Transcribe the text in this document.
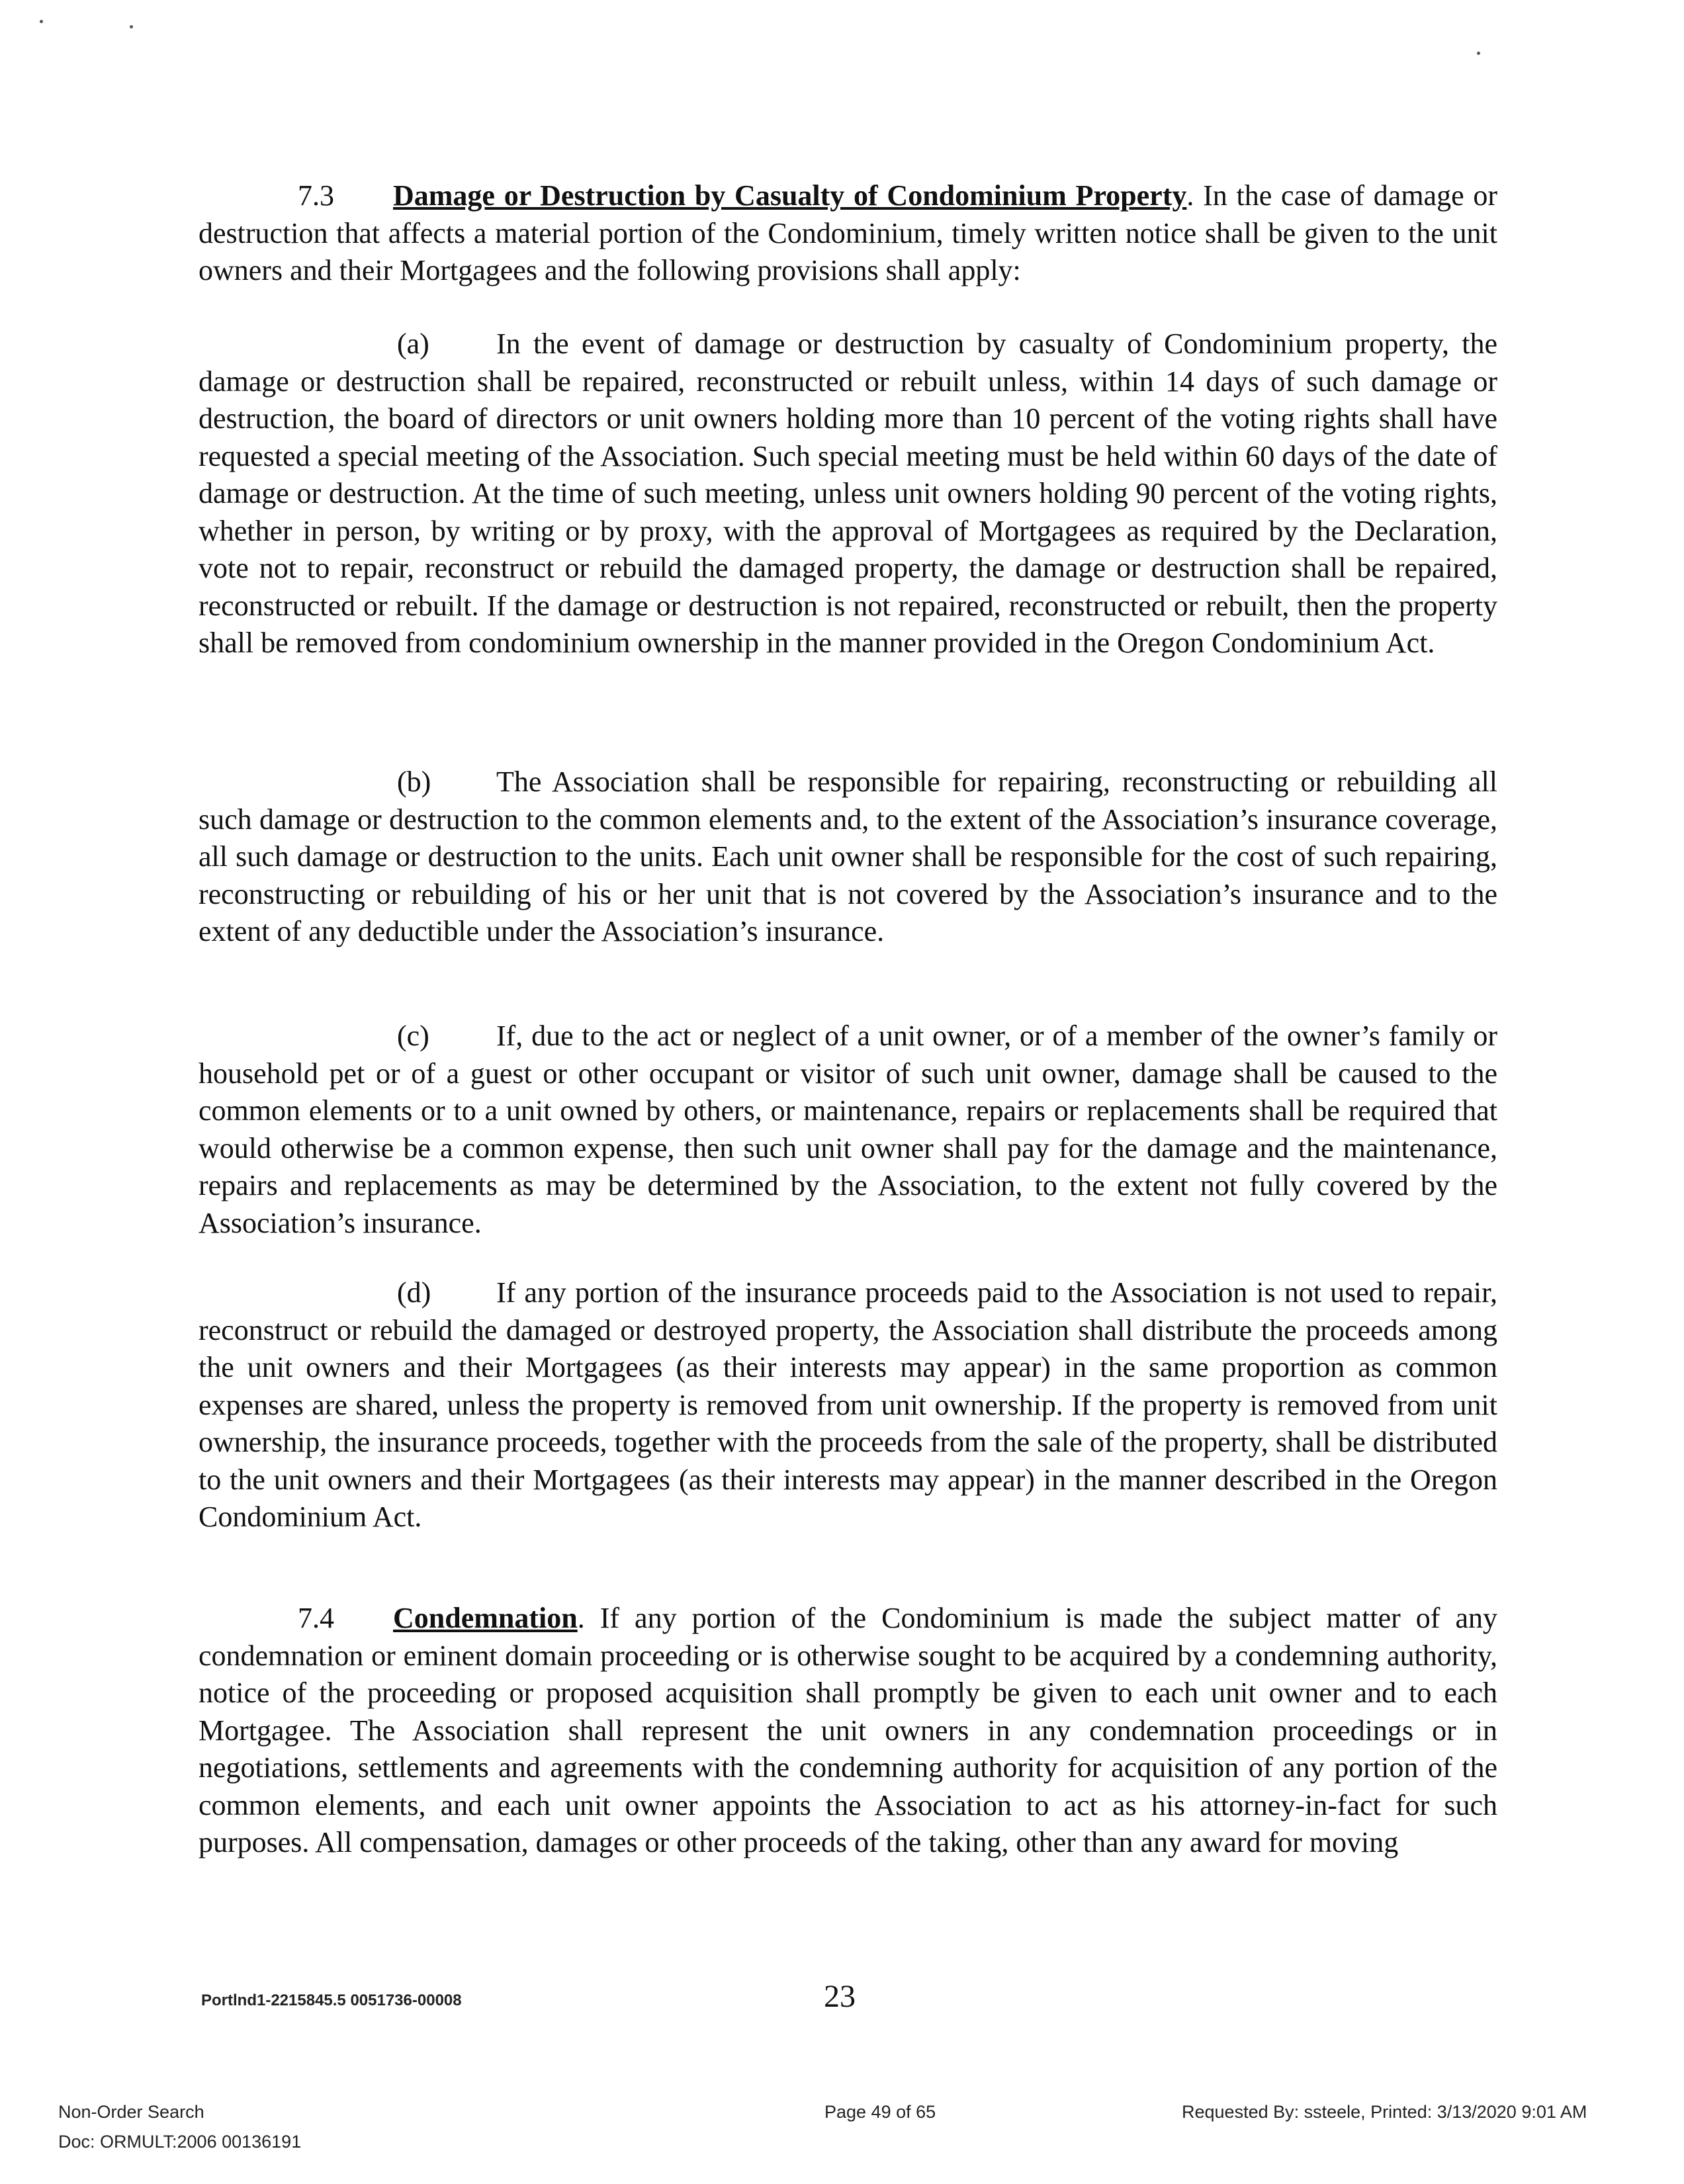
7.3 Damage or Destruction by Casualty of Condominium Property. In the case of damage or destruction that affects a material portion of the Condominium, timely written notice shall be given to the unit owners and their Mortgagees and the following provisions shall apply:

(a) In the event of damage or destruction by casualty of Condominium property, the damage or destruction shall be repaired, reconstructed or rebuilt unless, within 14 days of such damage or destruction, the board of directors or unit owners holding more than 10 percent of the voting rights shall have requested a special meeting of the Association. Such special meeting must be held within 60 days of the date of damage or destruction. At the time of such meeting, unless unit owners holding 90 percent of the voting rights, whether in person, by writing or by proxy, with the approval of Mortgagees as required by the Declaration, vote not to repair, reconstruct or rebuild the damaged property, the damage or destruction shall be repaired, reconstructed or rebuilt. If the damage or destruction is not repaired, reconstructed or rebuilt, then the property shall be removed from condominium ownership in the manner provided in the Oregon Condominium Act.

(b) The Association shall be responsible for repairing, reconstructing or rebuilding all such damage or destruction to the common elements and, to the extent of the Association’s insurance coverage, all such damage or destruction to the units. Each unit owner shall be responsible for the cost of such repairing, reconstructing or rebuilding of his or her unit that is not covered by the Association’s insurance and to the extent of any deductible under the Association’s insurance.

(c) If, due to the act or neglect of a unit owner, or of a member of the owner’s family or household pet or of a guest or other occupant or visitor of such unit owner, damage shall be caused to the common elements or to a unit owned by others, or maintenance, repairs or replacements shall be required that would otherwise be a common expense, then such unit owner shall pay for the damage and the maintenance, repairs and replacements as may be determined by the Association, to the extent not fully covered by the Association’s insurance.

(d) If any portion of the insurance proceeds paid to the Association is not used to repair, reconstruct or rebuild the damaged or destroyed property, the Association shall distribute the proceeds among the unit owners and their Mortgagees (as their interests may appear) in the same proportion as common expenses are shared, unless the property is removed from unit ownership. If the property is removed from unit ownership, the insurance proceeds, together with the proceeds from the sale of the property, shall be distributed to the unit owners and their Mortgagees (as their interests may appear) in the manner described in the Oregon Condominium Act.

7.4 Condemnation. If any portion of the Condominium is made the subject matter of any condemnation or eminent domain proceeding or is otherwise sought to be acquired by a condemning authority, notice of the proceeding or proposed acquisition shall promptly be given to each unit owner and to each Mortgagee. The Association shall represent the unit owners in any condemnation proceedings or in negotiations, settlements and agreements with the condemning authority for acquisition of any portion of the common elements, and each unit owner appoints the Association to act as his attorney-in-fact for such purposes. All compensation, damages or other proceeds of the taking, other than any award for moving

Portlnd1-2215845.5 0051736-00008	23

Non-Order Search

Doc: ORMULT:2006 00136191

Page 49 of 65	Requested By: ssteele, Printed: 3/13/2020 9:01 AM
